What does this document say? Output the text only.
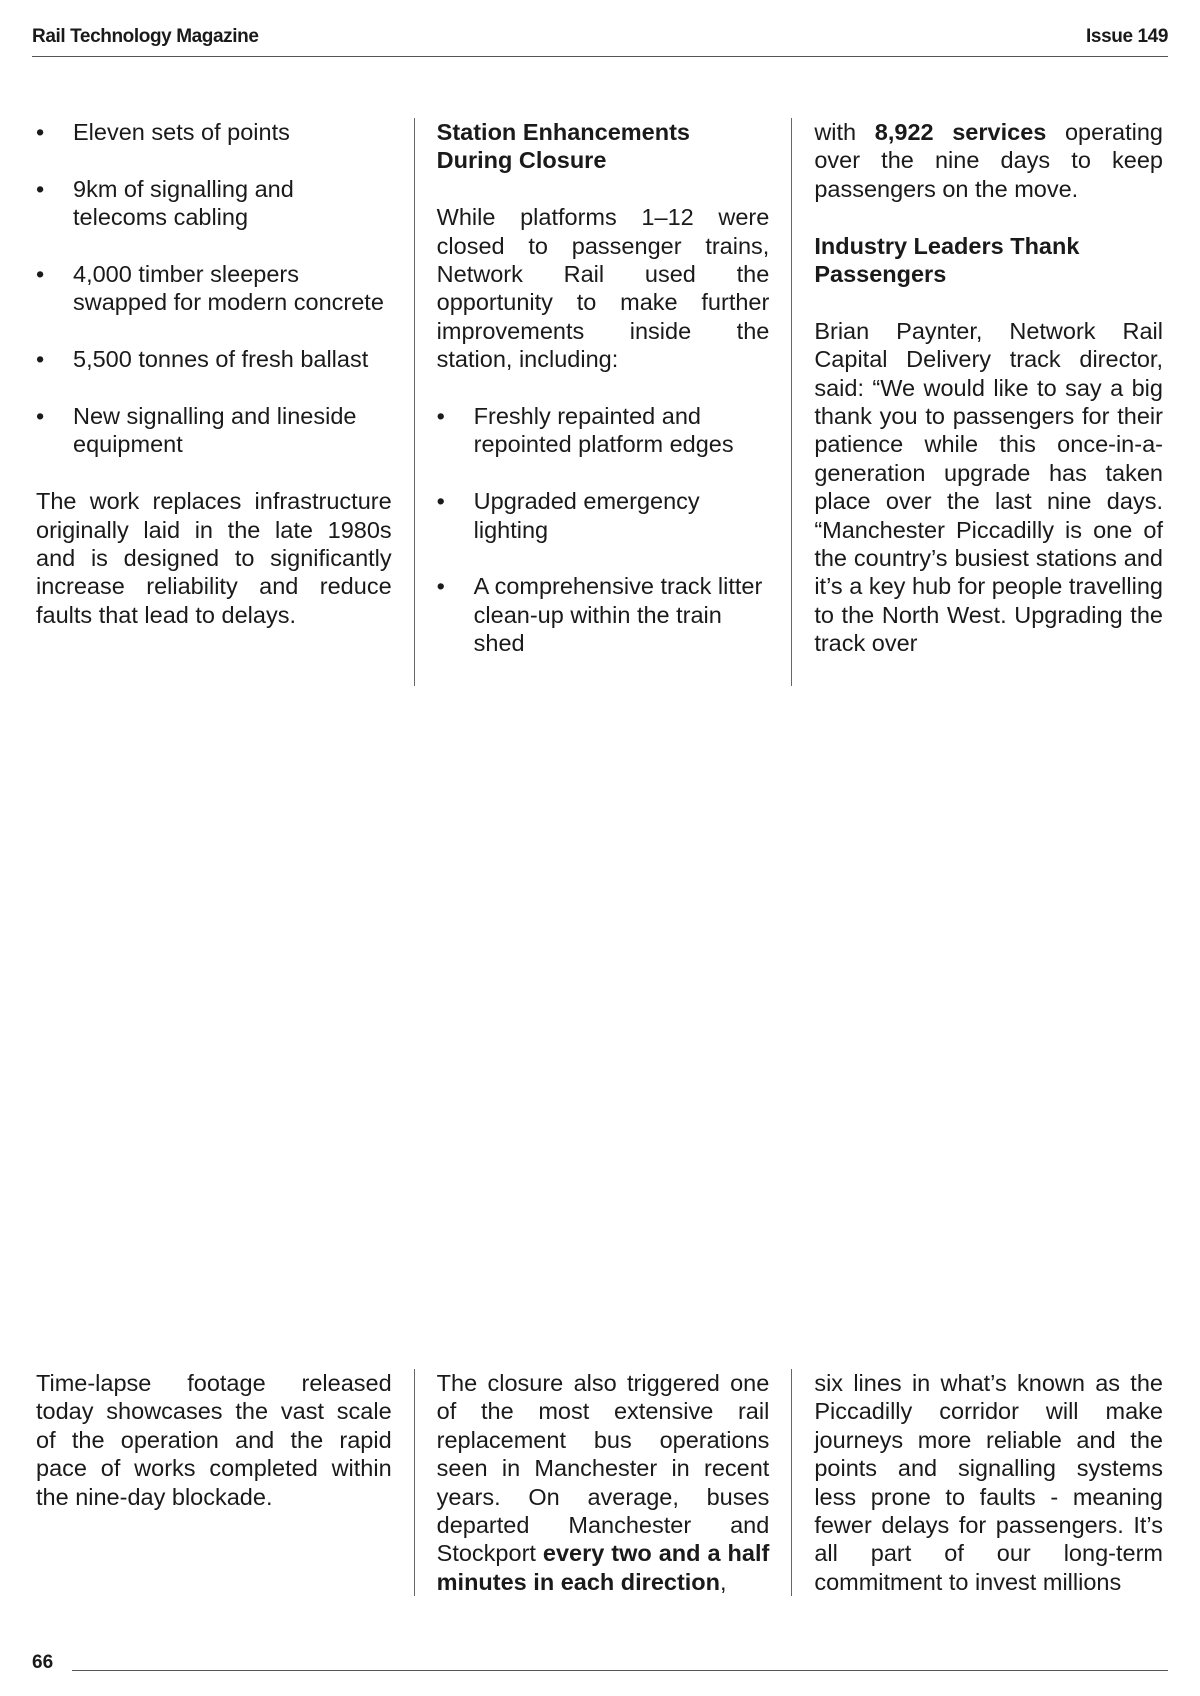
Rail Technology Magazine	Issue 149
• Eleven sets of points
• 9km of signalling and telecoms cabling
• 4,000 timber sleepers swapped for modern concrete
• 5,500 tonnes of fresh ballast
• New signalling and lineside equipment

The work replaces infrastructure originally laid in the late 1980s and is designed to significantly increase reliability and reduce faults that lead to delays.

Station Enhancements During Closure

While platforms 1–12 were closed to passenger trains, Network Rail used the opportunity to make further improvements inside the station, including:

• Freshly repainted and repointed platform edges
• Upgraded emergency lighting
• A comprehensive track litter clean-up within the train shed

with 8,922 services operating over the nine days to keep passengers on the move.

Industry Leaders Thank Passengers

Brian Paynter, Network Rail Capital Delivery track director, said: “We would like to say a big thank you to passengers for their patience while this once-in-a-generation upgrade has taken place over the last nine days. “Manchester Piccadilly is one of the country’s busiest stations and it’s a key hub for people travelling to the North West. Upgrading the track over

Time-lapse footage released today showcases the vast scale of the operation and the rapid pace of works completed within the nine-day blockade.

The closure also triggered one of the most extensive rail replacement bus operations seen in Manchester in recent years. On average, buses departed Manchester and Stockport every two and a half minutes in each direction,

six lines in what’s known as the Piccadilly corridor will make journeys more reliable and the points and signalling systems less prone to faults - meaning fewer delays for passengers. It’s all part of our long-term commitment to invest millions

66
